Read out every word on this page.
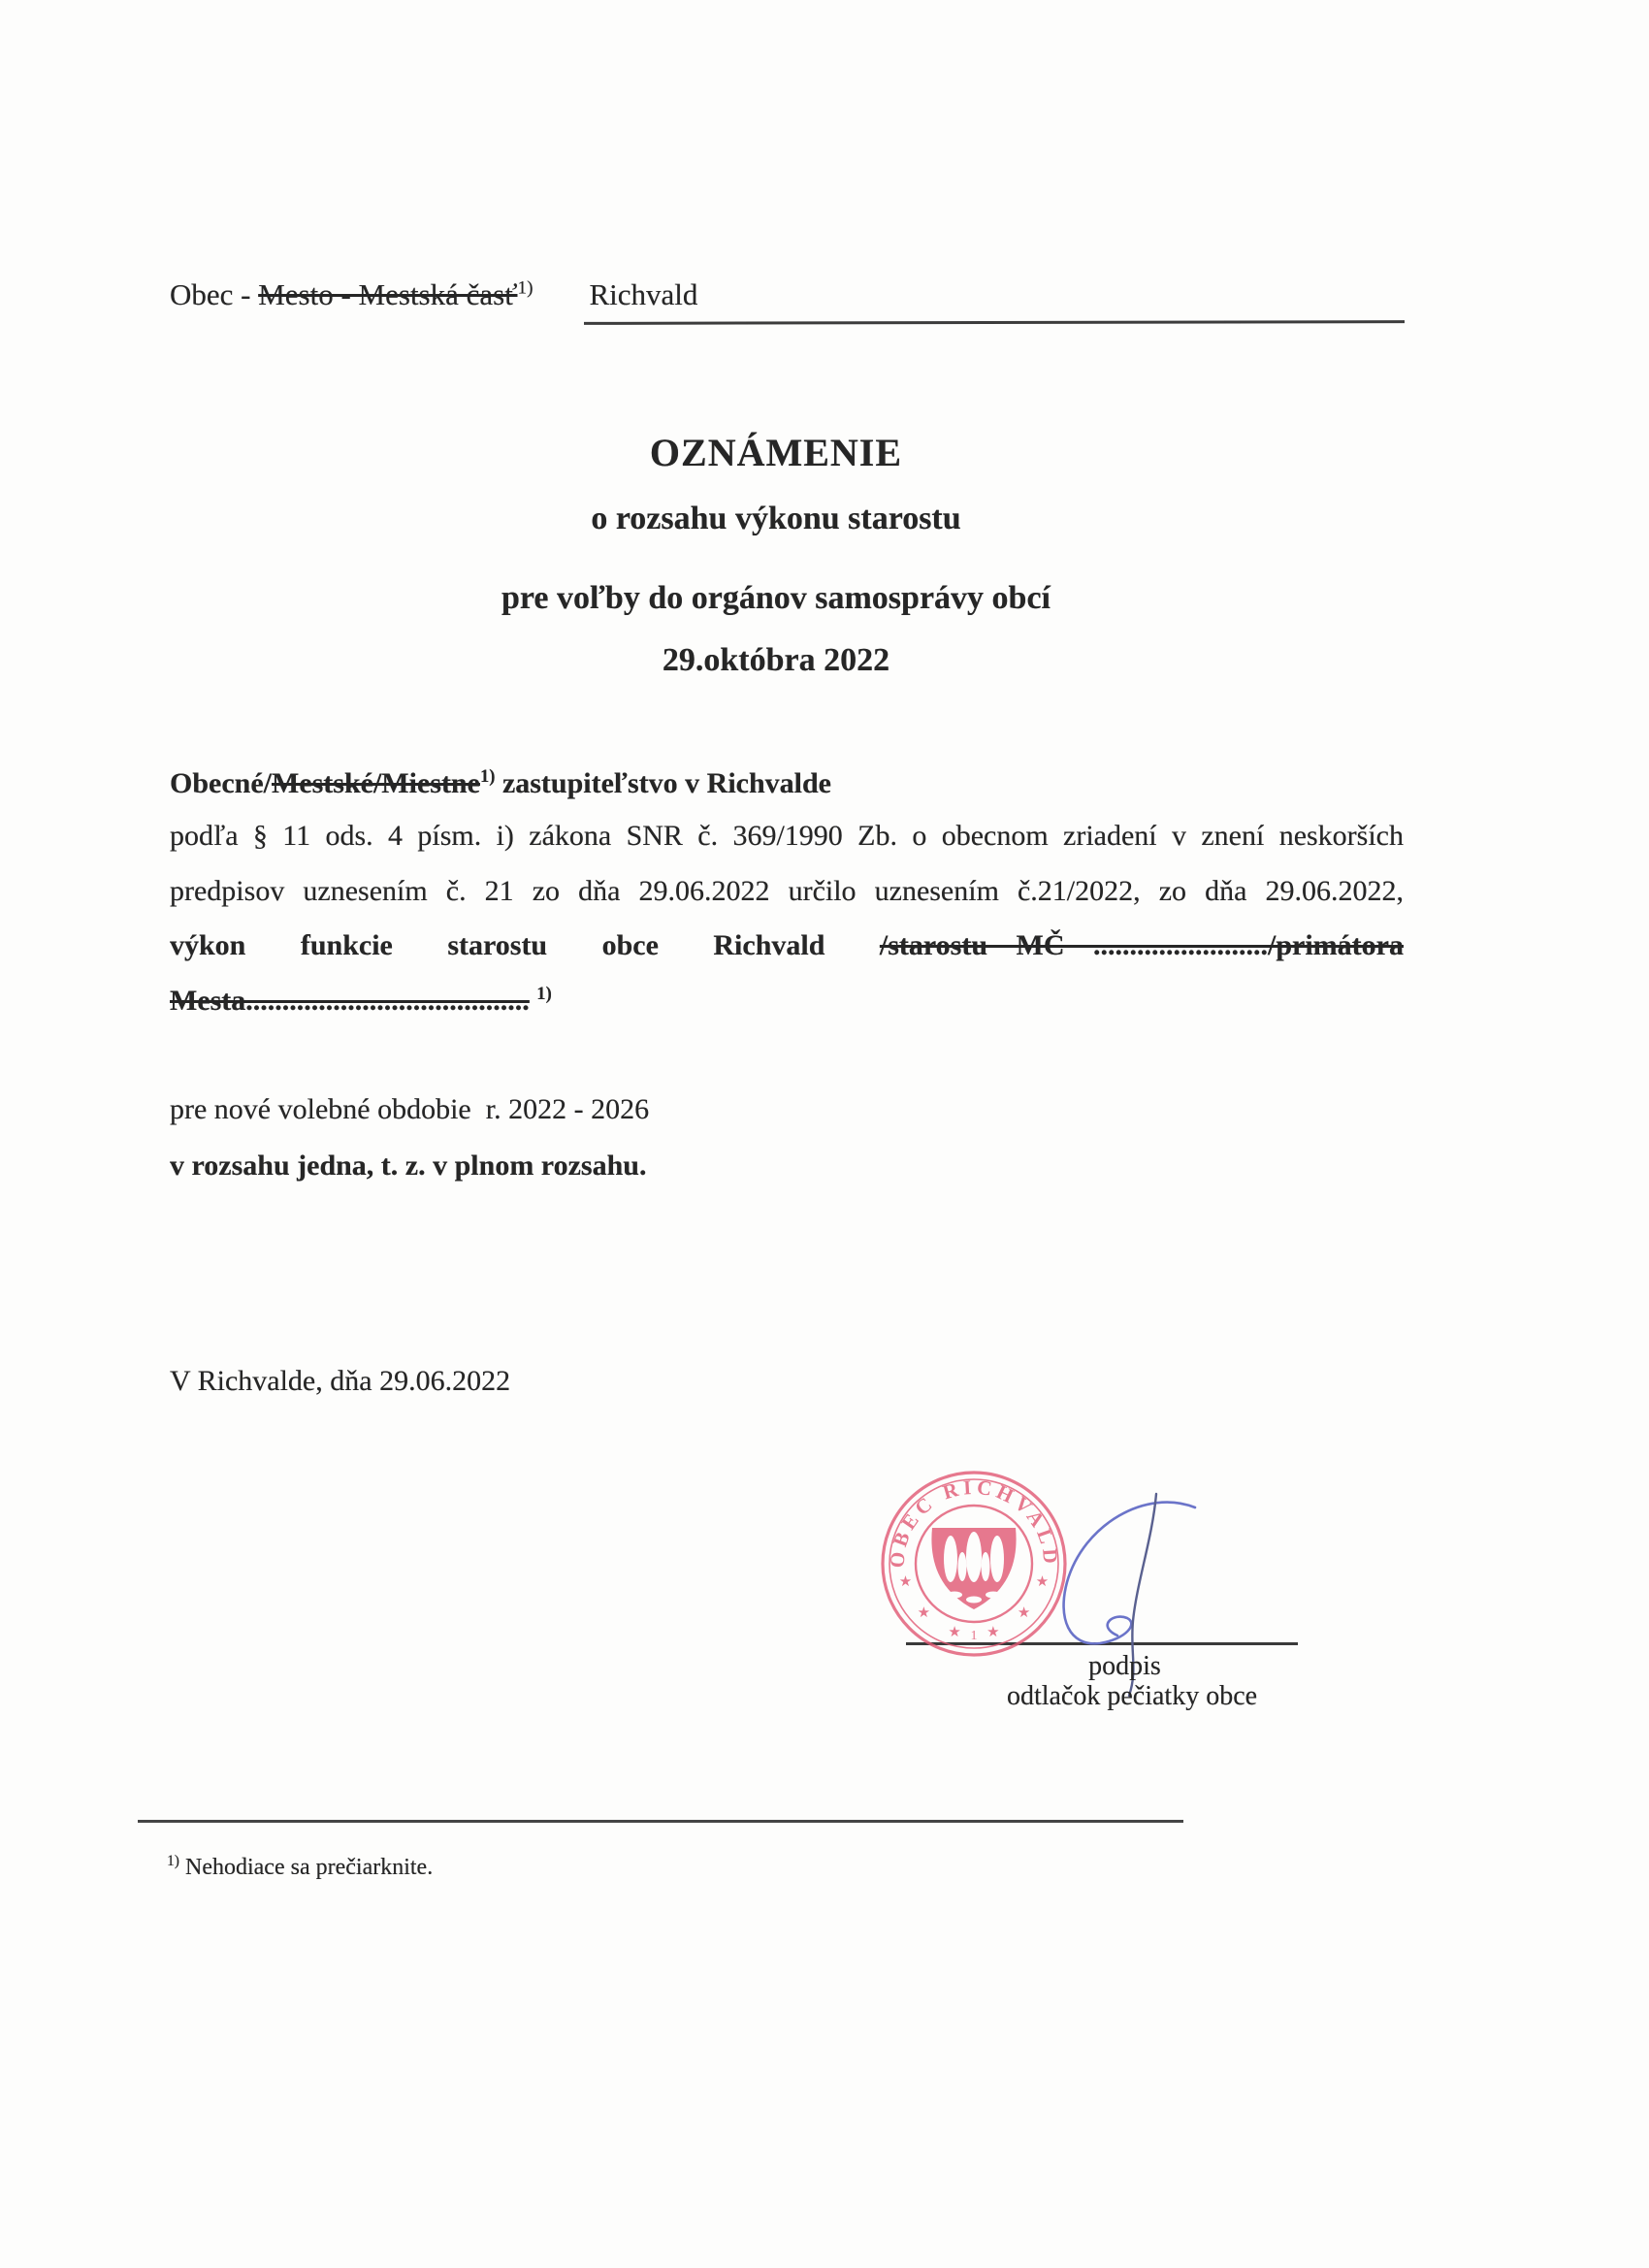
Obec - Mesto - Mestská časť$^{1)}$ Richvald
OZNÁMENIE
o rozsahu výkonu starostu
pre voľby do orgánov samosprávy obcí
29.októbra 2022
Obecné/Mestské/Miestne$^{1)}$ zastupiteľstvo v Richvalde
podľa § 11 ods. 4 písm. i) zákona SNR č. 369/1990 Zb. o obecnom zriadení v znení neskorších
predpisov uznesením č. 21 zo dňa 29.06.2022 určilo uznesením č.21/2022, zo dňa 29.06.2022,
výkon funkcie starostu obce Richvald /starostu MČ ......................../primátora
Mesta....................................... $^{1)}$
pre nové volebné obdobie  r. 2022 - 2026
v rozsahu jedna, t. z. v plnom rozsahu.
V Richvalde, dňa 29.06.2022
OBEC RICHVALD
★
★
★
★
★
★
1
podpis
odtlačok pečiatky obce
$^{1)}$ Nehodiace sa prečiarknite.
